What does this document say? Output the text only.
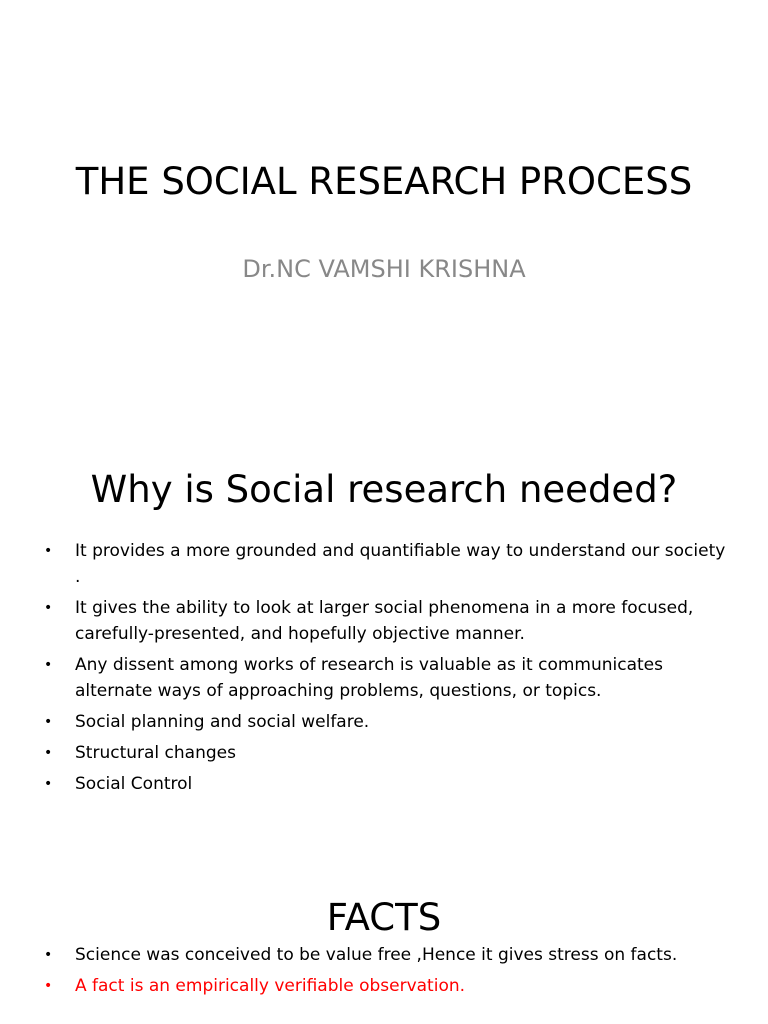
THE SOCIAL RESEARCH PROCESS
Dr.NC VAMSHI KRISHNA
Why is Social research needed?
• It provides a more grounded and quantifiable way to understand our society .
• It gives the ability to look at larger social phenomena in a more focused, carefully-presented, and hopefully objective manner.
• Any dissent among works of research is valuable as it communicates alternate ways of approaching problems, questions, or topics.
• Social planning and social welfare.
• Structural changes
• Social Control
FACTS
• Science was conceived to be value free ,Hence it gives stress on facts.
• A fact is an empirically verifiable observation.
